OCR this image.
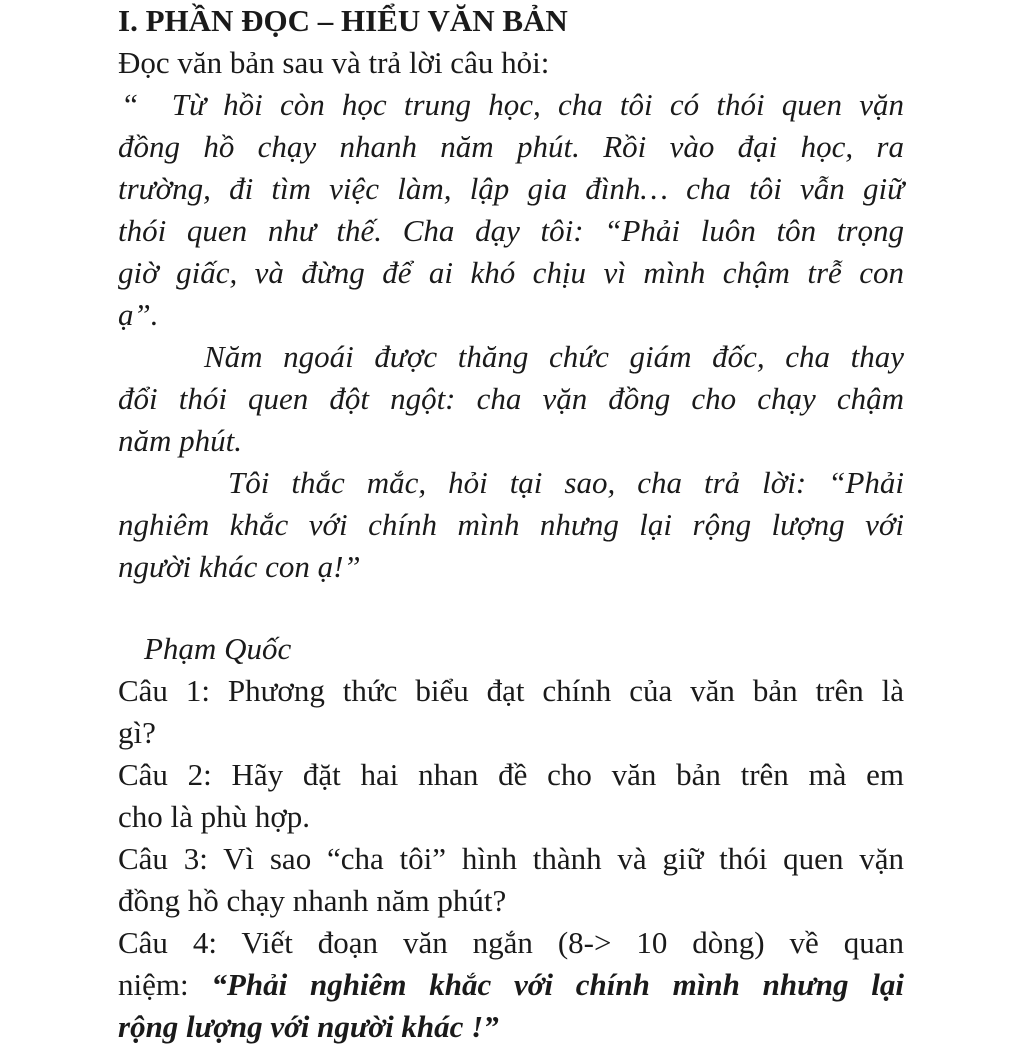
I. PHẦN ĐỌC – HIỂU VĂN BẢN
Đọc văn bản sau và trả lời câu hỏi:
“ Từ hồi còn học trung học, cha tôi có thói quen vặn
đồng hồ chạy nhanh năm phút. Rồi vào đại học, ra
trường, đi tìm việc làm, lập gia đình… cha tôi vẫn giữ
thói quen như thế. Cha dạy tôi: “Phải luôn tôn trọng
giờ giấc, và đừng để ai khó chịu vì mình chậm trễ con
ạ”.
Năm ngoái được thăng chức giám đốc, cha thay
đổi thói quen đột ngột: cha vặn đồng cho chạy chậm
năm phút.
Tôi thắc mắc, hỏi tại sao, cha trả lời: “Phải
nghiêm khắc với chính mình nhưng lại rộng lượng với
người khác con ạ!”
Phạm Quốc
Câu 1: Phương thức biểu đạt chính của văn bản trên là
gì?
Câu 2: Hãy đặt hai nhan đề cho văn bản trên mà em
cho là phù hợp.
Câu 3: Vì sao “cha tôi” hình thành và giữ thói quen vặn
đồng hồ chạy nhanh năm phút?
Câu 4: Viết đoạn văn ngắn (8-> 10 dòng) về quan
niệm: “Phải nghiêm khắc với chính mình nhưng lại
rộng lượng với người khác !”
